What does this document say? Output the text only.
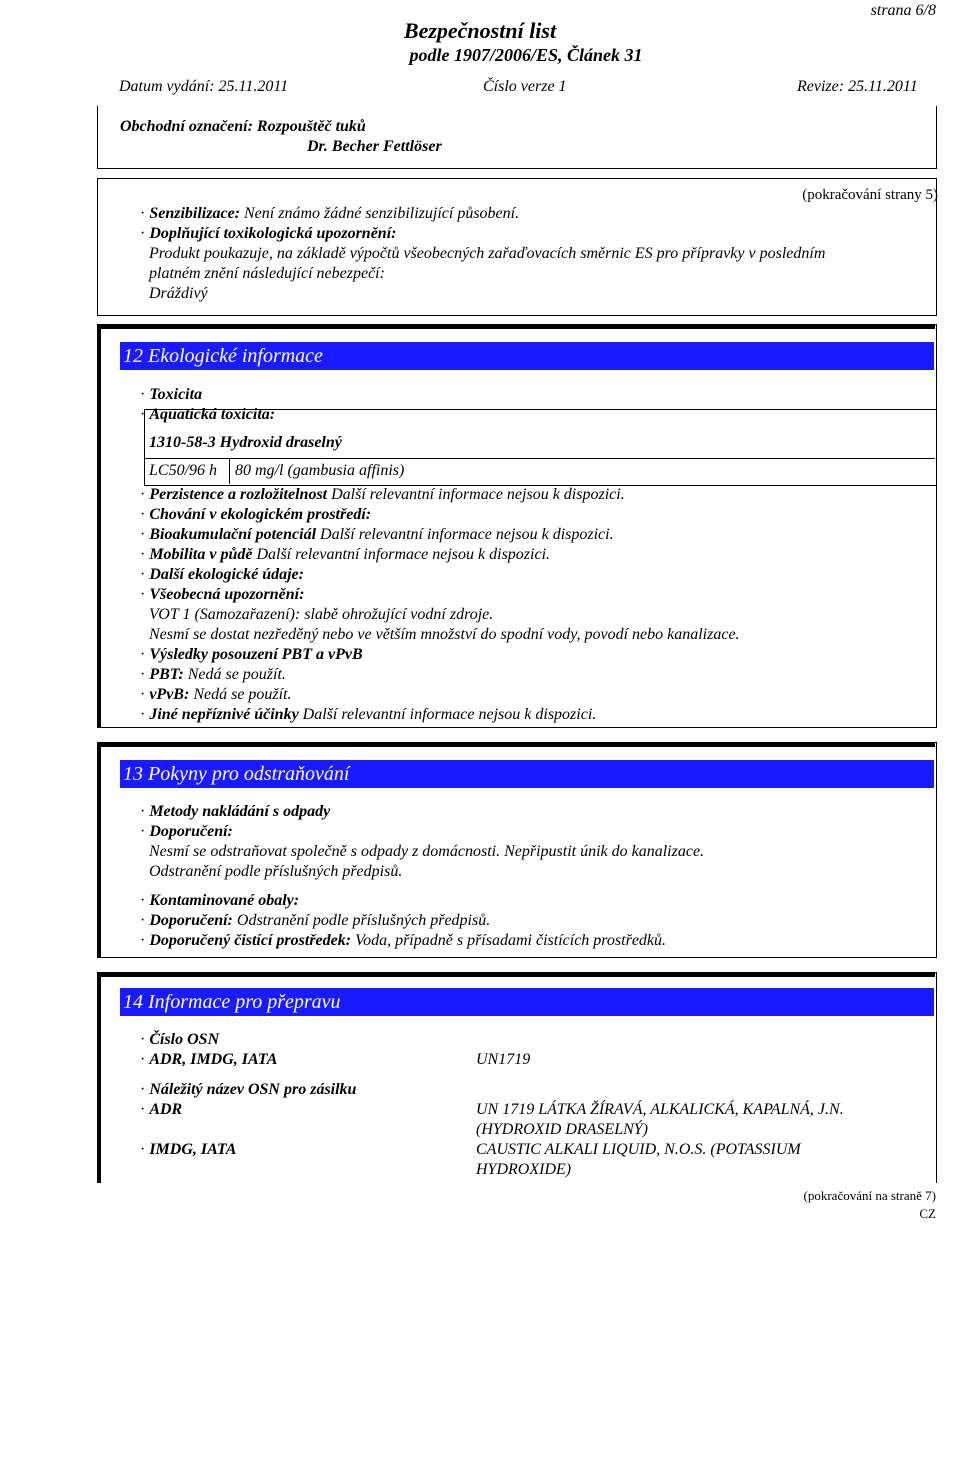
strana 6/8
Bezpečnostní list
podle 1907/2006/ES, Článek 31
Datum vydání: 25.11.2011	Číslo verze 1	Revize: 25.11.2011
Obchodní označení: Rozpouštěč tuků
Dr. Becher Fettlöser
(pokračování strany 5)
· Senzibilizace: Není známo žádné senzibilizující působení.
· Doplňující toxikologická upozornění:
Produkt poukazuje, na základě výpočtů všeobecných zařaďovacích směrnic ES pro přípravky v posledním
platném znění následující nebezpečí:
Dráždivý
12 Ekologické informace
· Toxicita
· Aquatická toxicita:
1310-58-3 Hydroxid draselný
LC50/96 h 80 mg/l (gambusia affinis)
· Perzistence a rozložitelnost Další relevantní informace nejsou k dispozici.
· Chování v ekologickém prostředí:
· Bioakumulační potenciál Další relevantní informace nejsou k dispozici.
· Mobilita v půdě Další relevantní informace nejsou k dispozici.
· Další ekologické údaje:
· Všeobecná upozornění:
VOT 1 (Samozařazení): slabě ohrožující vodní zdroje.
Nesmí se dostat nezředěný nebo ve větším množství do spodní vody, povodí nebo kanalizace.
· Výsledky posouzení PBT a vPvB
· PBT: Nedá se použít.
· vPvB: Nedá se použít.
· Jiné nepříznivé účinky Další relevantní informace nejsou k dispozici.
13 Pokyny pro odstraňování
· Metody nakládání s odpady
· Doporučení:
Nesmí se odstraňovat společně s odpady z domácnosti. Nepřipustit únik do kanalizace.
Odstranění podle příslušných předpisů.
· Kontaminované obaly:
· Doporučení: Odstranění podle příslušných předpisů.
· Doporučený čistící prostředek: Voda, případně s přísadami čistících prostředků.
14 Informace pro přepravu
· Číslo OSN
· ADR, IMDG, IATA	UN1719
· Náležitý název OSN pro zásilku
· ADR	UN 1719 LÁTKA ŽÍRAVÁ, ALKALICKÁ, KAPALNÁ, J.N.
(HYDROXID DRASELNÝ)
· IMDG, IATA	CAUSTIC ALKALI LIQUID, N.O.S. (POTASSIUM
HYDROXIDE)
(pokračování na straně 7)
CZ
